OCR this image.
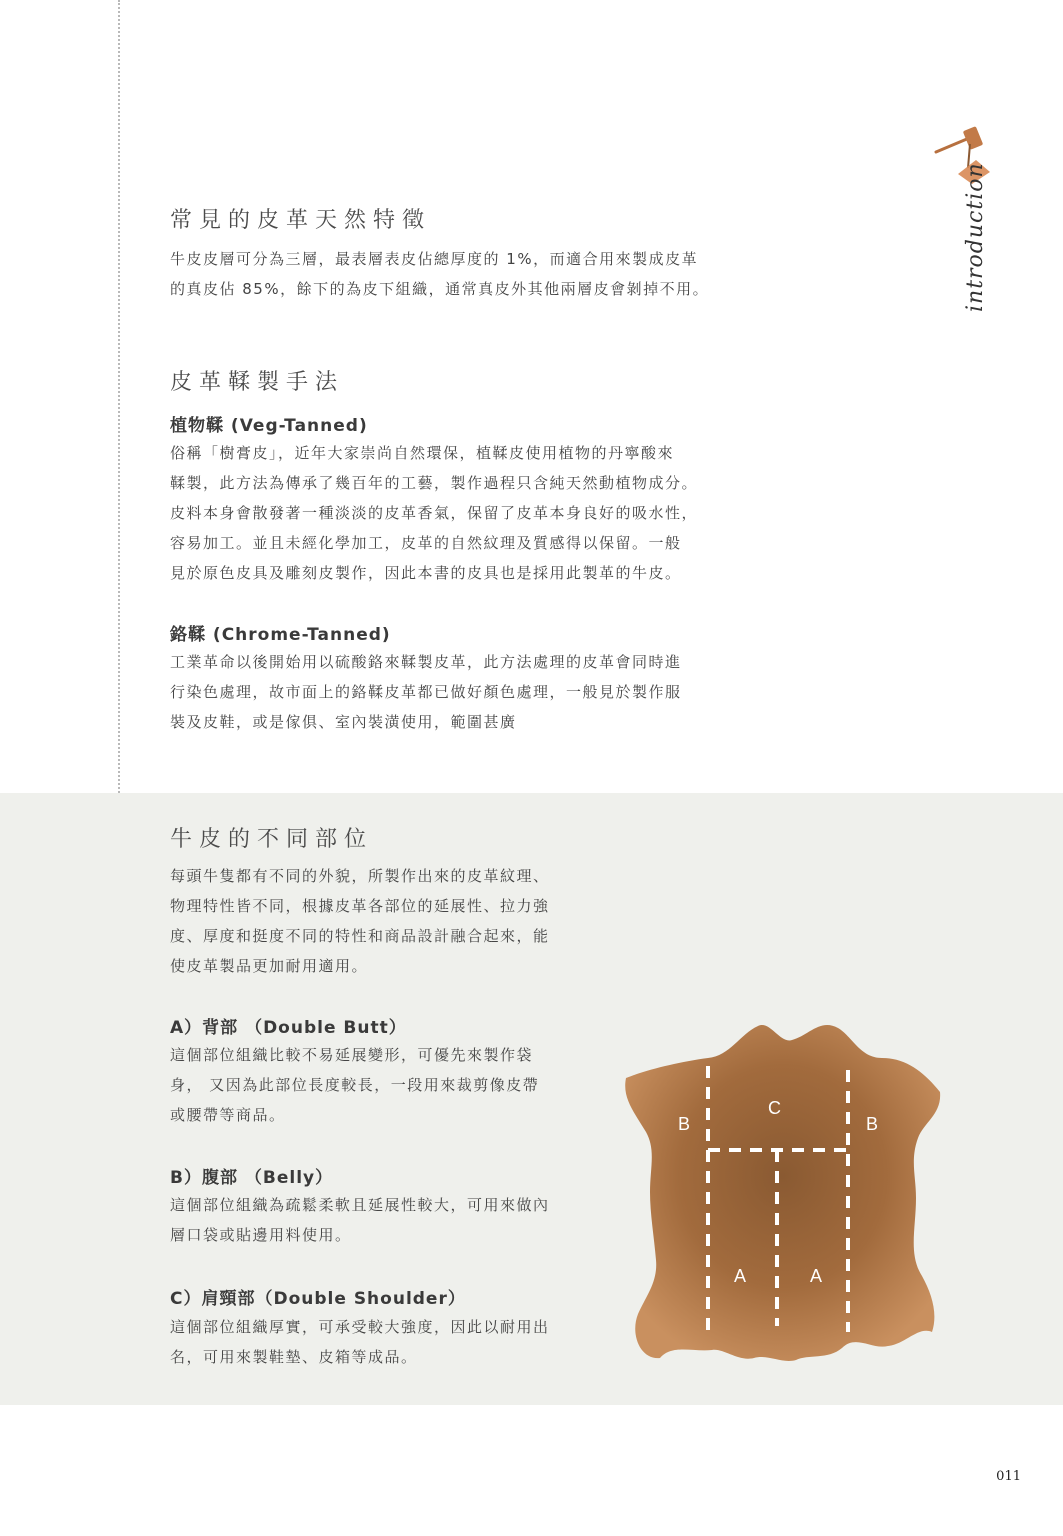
introduction
常見的皮革天然特徵
牛皮皮層可分為三層，最表層表皮佔總厚度的 1%，而適合用來製成皮革
的真皮佔 85%，餘下的為皮下組織，通常真皮外其他兩層皮會剝掉不用。
皮革鞣製手法
植物鞣 (Veg-Tanned)
俗稱「樹膏皮」，近年大家崇尚自然環保，植鞣皮使用植物的丹寧酸來
鞣製，此方法為傳承了幾百年的工藝，製作過程只含純天然動植物成分。
皮料本身會散發著一種淡淡的皮革香氣，保留了皮革本身良好的吸水性，
容易加工。並且未經化學加工，皮革的自然紋理及質感得以保留。一般
見於原色皮具及雕刻皮製作，因此本書的皮具也是採用此製革的牛皮。
鉻鞣 (Chrome-Tanned)
工業革命以後開始用以硫酸鉻來鞣製皮革，此方法處理的皮革會同時進
行染色處理，故市面上的鉻鞣皮革都已做好顏色處理，一般見於製作服
裝及皮鞋，或是傢俱、室內裝潢使用，範圍甚廣
牛皮的不同部位
每頭牛隻都有不同的外貌，所製作出來的皮革紋理、
物理特性皆不同，根據皮革各部位的延展性、拉力強
度、厚度和挺度不同的特性和商品設計融合起來，能
使皮革製品更加耐用適用。
A）背部 （Double Butt）
這個部位組織比較不易延展變形，可優先來製作袋
身， 又因為此部位長度較長，一段用來裁剪像皮帶
或腰帶等商品。
B）腹部 （Belly）
這個部位組織為疏鬆柔軟且延展性較大，可用來做內
層口袋或貼邊用料使用。
C）肩頸部（Double Shoulder）
這個部位組織厚實，可承受較大強度，因此以耐用出
名，可用來製鞋墊、皮箱等成品。
C
B	B
A	A
011
